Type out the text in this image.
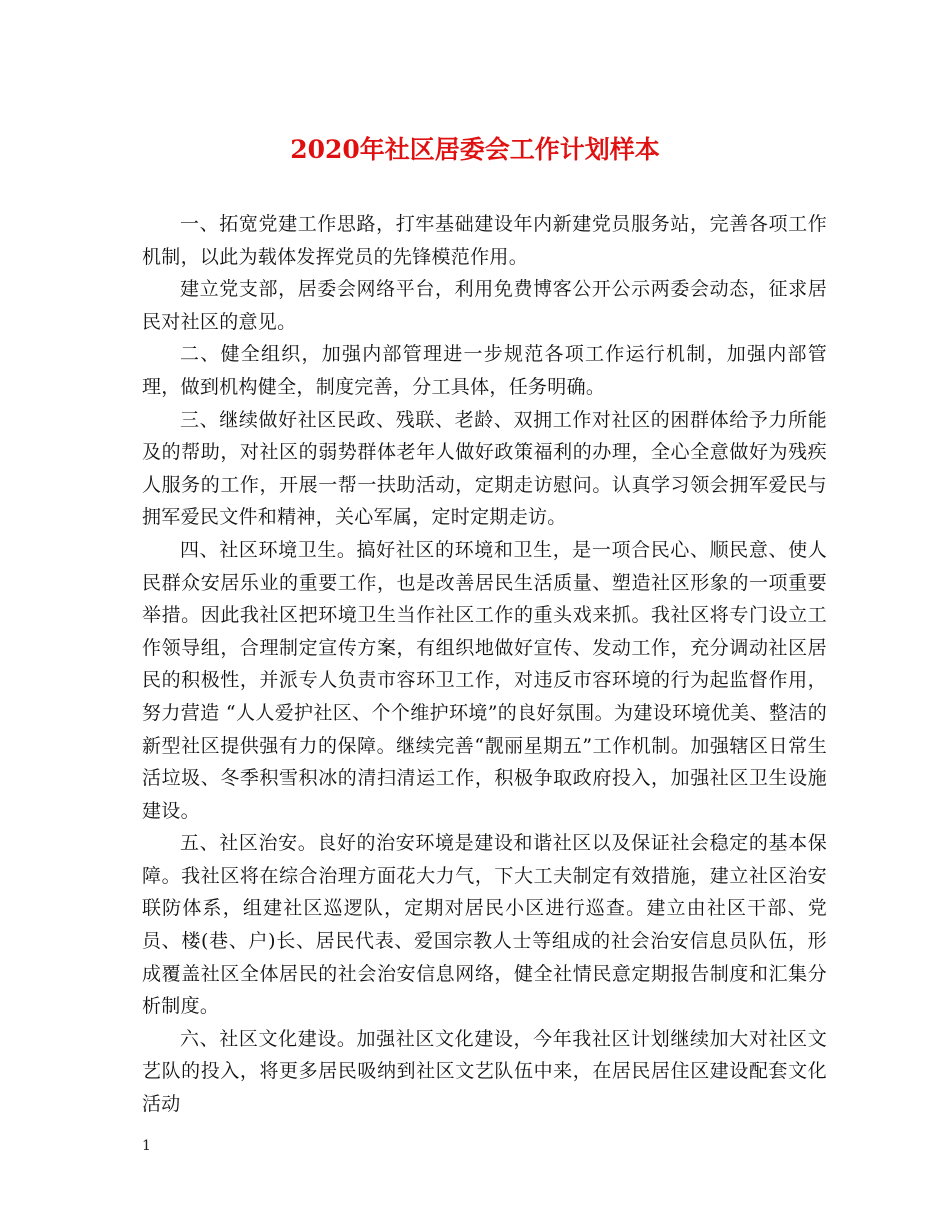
2020年社区居委会工作计划样本

一、拓宽党建工作思路，打牢基础建设年内新建党员服务站，完善各项工作机制，以此为载体发挥党员的先锋模范作用。

建立党支部，居委会网络平台，利用免费博客公开公示两委会动态，征求居民对社区的意见。

二、健全组织，加强内部管理进一步规范各项工作运行机制，加强内部管理，做到机构健全，制度完善，分工具体，任务明确。

三、继续做好社区民政、残联、老龄、双拥工作对社区的困群体给予力所能及的帮助，对社区的弱势群体老年人做好政策福利的办理，全心全意做好为残疾人服务的工作，开展一帮一扶助活动，定期走访慰问。认真学习领会拥军爱民与拥军爱民文件和精神，关心军属，定时定期走访。

四、社区环境卫生。搞好社区的环境和卫生，是一项合民心、顺民意、使人民群众安居乐业的重要工作，也是改善居民生活质量、塑造社区形象的一项重要举措。因此我社区把环境卫生当作社区工作的重头戏来抓。我社区将专门设立工作领导组，合理制定宣传方案，有组织地做好宣传、发动工作，充分调动社区居民的积极性，并派专人负责市容环卫工作，对违反市容环境的行为起监督作用，努力营造 “人人爱护社区、个个维护环境”的良好氛围。为建设环境优美、整洁的新型社区提供强有力的保障。继续完善“靓丽星期五”工作机制。加强辖区日常生活垃圾、冬季积雪积冰的清扫清运工作，积极争取政府投入，加强社区卫生设施建设。

五、社区治安。良好的治安环境是建设和谐社区以及保证社会稳定的基本保障。我社区将在综合治理方面花大力气，下大工夫制定有效措施，建立社区治安联防体系，组建社区巡逻队，定期对居民小区进行巡查。建立由社区干部、党员、楼(巷、户)长、居民代表、爱国宗教人士等组成的社会治安信息员队伍，形成覆盖社区全体居民的社会治安信息网络，健全社情民意定期报告制度和汇集分析制度。

六、社区文化建设。加强社区文化建设，今年我社区计划继续加大对社区文艺队的投入，将更多居民吸纳到社区文艺队伍中来，在居民居住区建设配套文化活动

1
